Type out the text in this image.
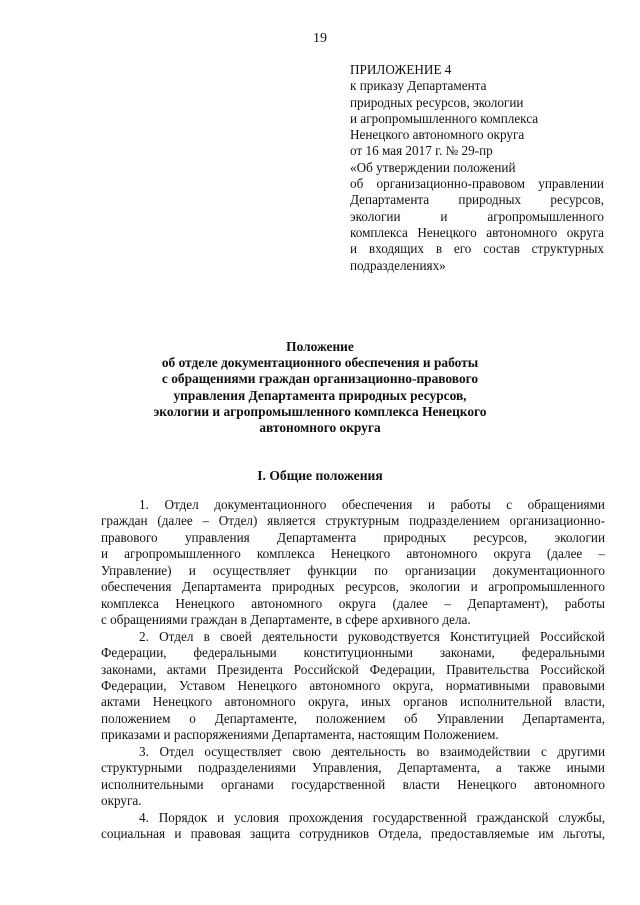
19
ПРИЛОЖЕНИЕ 4
к приказу Департамента
природных ресурсов, экологии
и агропромышленного комплекса
Ненецкого автономного округа
от 16 мая 2017 г. № 29-пр
«Об утверждении положений
об организационно-правовом управлении
Департамента природных ресурсов,
экологии и агропромышленного
комплекса Ненецкого автономного округа
и входящих в его состав структурных
подразделениях»
Положение
об отделе документационного обеспечения и работы
с обращениями граждан организационно-правового
управления Департамента природных ресурсов,
экологии и агропромышленного комплекса Ненецкого
автономного округа
I. Общие положения
1. Отдел документационного обеспечения и работы с обращениями
граждан (далее – Отдел) является структурным подразделением организационно-
правового управления Департамента природных ресурсов, экологии
и агропромышленного комплекса Ненецкого автономного округа (далее –
Управление) и осуществляет функции по организации документационного
обеспечения Департамента природных ресурсов, экологии и агропромышленного
комплекса Ненецкого автономного округа (далее – Департамент), работы
с обращениями граждан в Департаменте, в сфере архивного дела.
2. Отдел в своей деятельности руководствуется Конституцией Российской
Федерации, федеральными конституционными законами, федеральными
законами, актами Президента Российской Федерации, Правительства Российской
Федерации, Уставом Ненецкого автономного округа, нормативными правовыми
актами Ненецкого автономного округа, иных органов исполнительной власти,
положением о Департаменте, положением об Управлении Департамента,
приказами и распоряжениями Департамента, настоящим Положением.
3. Отдел осуществляет свою деятельность во взаимодействии с другими
структурными подразделениями Управления, Департамента, а также иными
исполнительными органами государственной власти Ненецкого автономного
округа.
4. Порядок и условия прохождения государственной гражданской службы,
социальная и правовая защита сотрудников Отдела, предоставляемые им льготы,
